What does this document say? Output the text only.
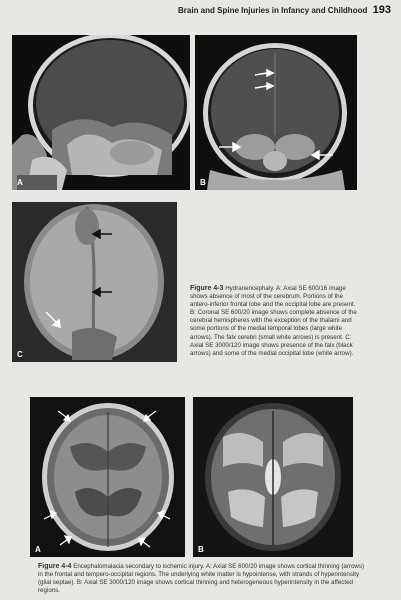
Brain and Spine Injuries in Infancy and Childhood 193
A	B
C
Figure 4-3 Hydranencephaly. A: Axial SE 600/16 image shows absence of most of the cerebrum. Portions of the antero-inferior frontal lobe and the occipital lobe are present. B: Coronal SE 600/20 image shows complete absence of the cerebral hemispheres with the exception of the thalami and some portions of the medial temporal lobes (large white arrows). The falx cerebri (small white arrows) is present. C: Axial SE 3000/120 image shows presence of the falx (black arrows) and some of the medial occipital lobe (white arrow).
A	B
Figure 4-4 Encephalomalacia secondary to ischemic injury. A: Axial SE 600/20 image shows cortical thinning (arrows) in the frontal and tempero-occipital regions. The underlying white matter is hypointense, with strands of hyperintensity (glial septae). B: Axial SE 3000/120 image shows cortical thinning and heterogeneous hyperintensity in the affected regions.
